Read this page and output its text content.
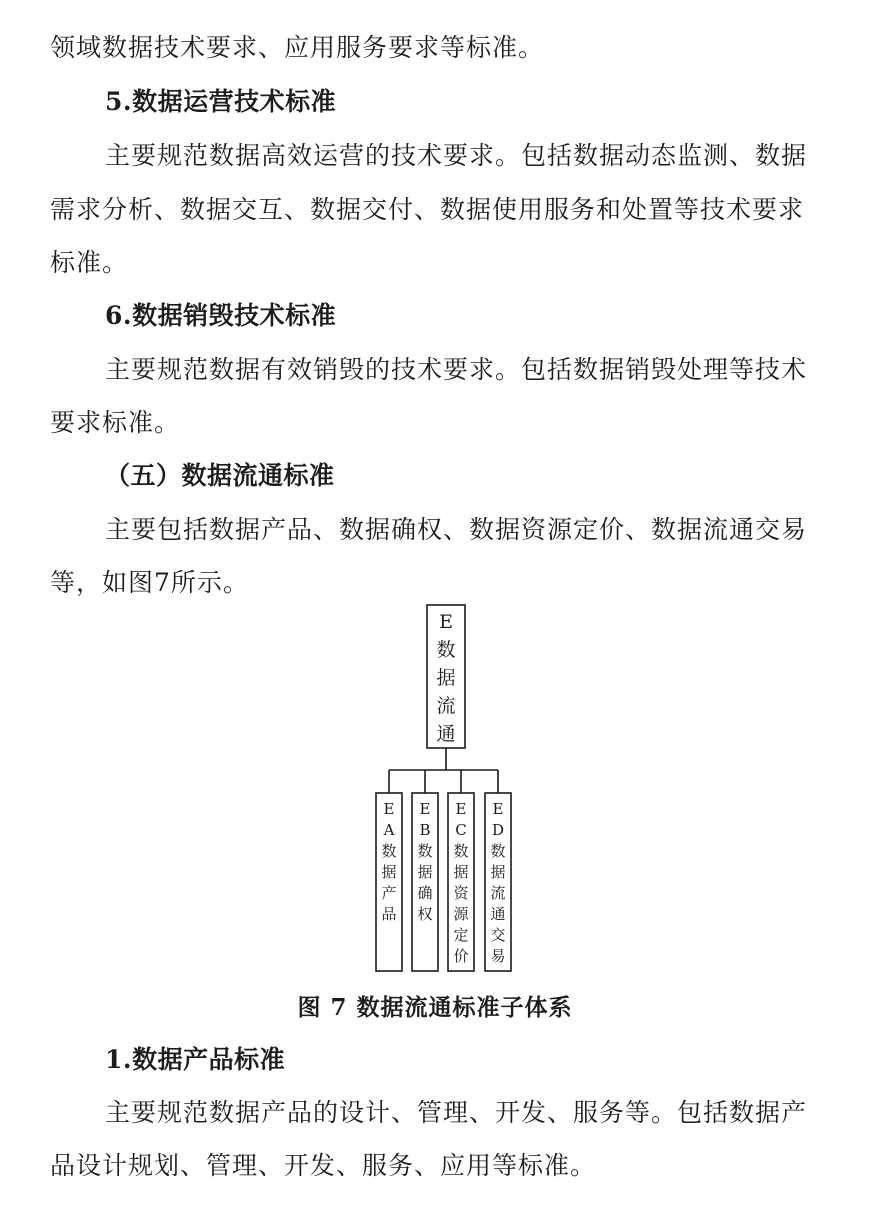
领域数据技术要求、应用服务要求等标准。
5.数据运营技术标准
主要规范数据高效运营的技术要求。包括数据动态监测、数据
需求分析、数据交互、数据交付、数据使用服务和处置等技术要求
标准。
6.数据销毁技术标准
主要规范数据有效销毁的技术要求。包括数据销毁处理等技术
要求标准。
（五）数据流通标准
主要包括数据产品、数据确权、数据资源定价、数据流通交易
等，如图7所示。
E 数据流通
E A 数据产品
E B 数据确权
E C 数据资源定价
E D 数据流通交易
图 7 数据流通标准子体系
1.数据产品标准
主要规范数据产品的设计、管理、开发、服务等。包括数据产
品设计规划、管理、开发、服务、应用等标准。
